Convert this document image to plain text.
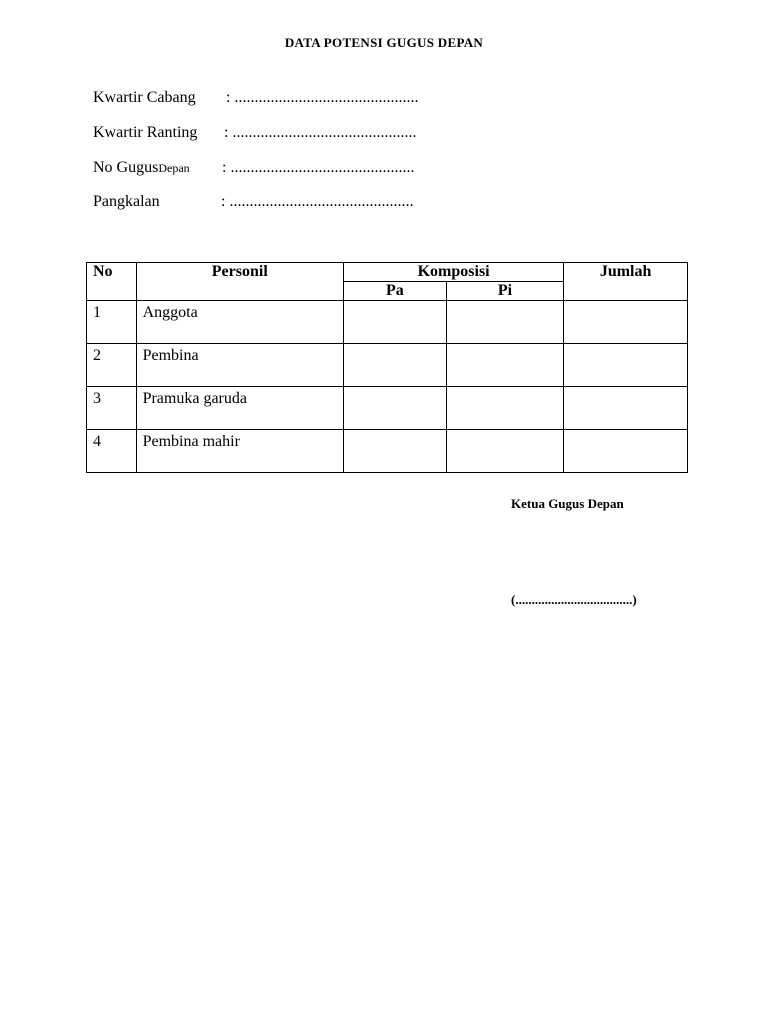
DATA POTENSI GUGUS DEPAN
Kwartir Cabang : ..............................................
Kwartir Ranting : ..............................................
No GugusDepan : ..............................................
Pangkalan	: ..............................................
No	Personil	Komposisi		Jumlah
		Pa	Pi	
1	Anggota			
2	Pembina			
3	Pramuka garuda			
4	Pembina mahir			
Ketua Gugus Depan
(....................................)
